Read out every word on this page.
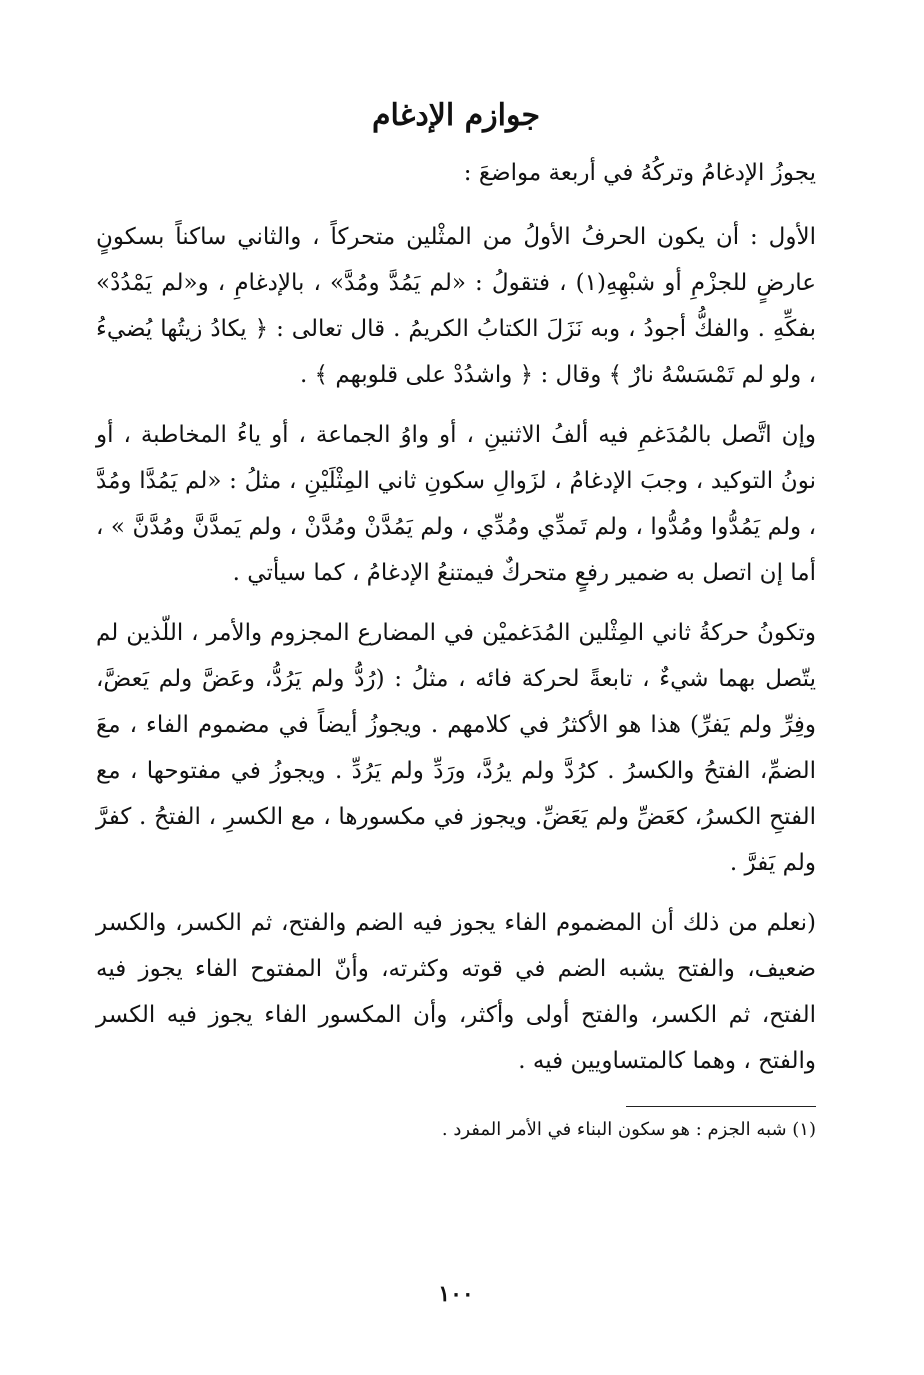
جوازم الإدغام

يجوزُ الإدغامُ وتركُهُ في أربعة مواضعَ :

الأول : أن يكون الحرفُ الأولُ من المثْلين متحركاً ، والثاني ساكناً بسكونٍ عارضٍ للجزْمِ أو شبْهِهِ(١) ، فتقولُ : «لم يَمُدَّ ومُدَّ» ، بالإدغامِ ، و«لم يَمْدُدْ» بفكِّهِ . والفكُّ أجودُ ، وبه نَزَلَ الكتابُ الكريمُ . قال تعالى : ﴿ يكادُ زيتُها يُضيءُ ، ولو لم تَمْسَسْهُ نارٌ ﴾ وقال : ﴿ واشدُدْ على قلوبهم ﴾ .

وإن اتَّصل بالمُدَغمِ فيه ألفُ الاثنينِ ، أو واوُ الجماعة ، أو ياءُ المخاطبة ، أو نونُ التوكيد ، وجبَ الإدغامُ ، لزَوالِ سكونِ ثاني المِثْلَيْنِ ، مثلُ : «لم يَمُدَّا ومُدَّ ، ولم يَمُدُّوا ومُدُّوا ، ولم تَمدِّي ومُدِّي ، ولم يَمُدَّنْ ومُدَّنْ ، ولم يَمدَّنَّ ومُدَّنَّ » ، أما إن اتصل به ضمير رفعٍ متحركٌ فيمتنعُ الإدغامُ ، كما سيأتي .

وتكونُ حركةُ ثاني المِثْلين المُدَغميْن في المضارع المجزوم والأمر ، اللّذين لم يتّصل بهما شيءٌ ، تابعةً لحركة فائه ، مثلُ : (رُدُّ ولم يَرُدُّ، وعَضَّ ولم يَعضَّ، وفِرِّ ولم يَفرِّ) هذا هو الأكثرُ في كلامهم . ويجوزُ أيضاً في مضموم الفاء ، معَ الضمِّ، الفتحُ والكسرُ . كرُدَّ ولم يرُدَّ، ورَدِّ ولم يَرُدِّ . ويجوزُ في مفتوحها ، مع الفتحِ الكسرُ، كعَضِّ ولم يَعَضِّ. ويجوز في مكسورها ، مع الكسرِ ، الفتحُ . كفرَّ ولم يَفرَّ .

(نعلم من ذلك أن المضموم الفاء يجوز فيه الضم والفتح، ثم الكسر، والكسر ضعيف، والفتح يشبه الضم في قوته وكثرته، وأنّ المفتوح الفاء يجوز فيه الفتح، ثم الكسر، والفتح أولى وأكثر، وأن المكسور الفاء يجوز فيه الكسر والفتح ، وهما كالمتساويين فيه .

(١) شبه الجزم : هو سكون البناء في الأمر المفرد .

١٠٠
